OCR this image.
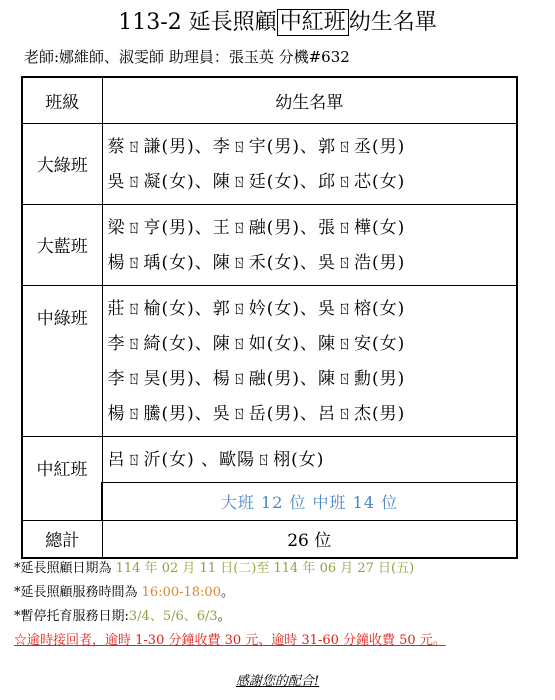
113-2 延長照顧 中紅班 幼生名單
老師:娜維師、淑雯師 助理員：張玉英 分機#632
班級	幼生名單
大綠班	蔡ㄖ謙(男)、李ㄖ宇(男)、郭ㄖ丞(男)
吳ㄖ凝(女)、陳ㄖ廷(女)、邱ㄖ芯(女)

大藍班	梁ㄖ亨(男)、王ㄖ融(男)、張ㄖ樺(女)
楊ㄖ瑀(女)、陳ㄖ禾(女)、吳ㄖ浩(男)

中綠班	莊ㄖ榆(女)、郭ㄖ妗(女)、吳ㄖ榕(女)
李ㄖ綺(女)、陳ㄖ如(女)、陳ㄖ安(女)
李ㄖ昊(男)、楊ㄖ融(男)、陳ㄖ勳(男)
楊ㄖ騰(男)、吳ㄖ岳(男)、呂ㄖ杰(男)

中紅班	呂ㄖ沂(女) 、歐陽ㄖ栩(女)

	大班 12 位 中班 14 位
總計	26 位
*延長照顧日期為 114 年 02 月 11 日(二)至 114 年 06 月 27 日(五)
*延長照顧服務時間為 16:00-18:00。
*暫停托育服務日期:3/4、5/6、6/3。
☆逾時接回者，逾時 1-30 分鐘收費 30 元、逾時 31-60 分鐘收費 50 元。
感謝您的配合!
